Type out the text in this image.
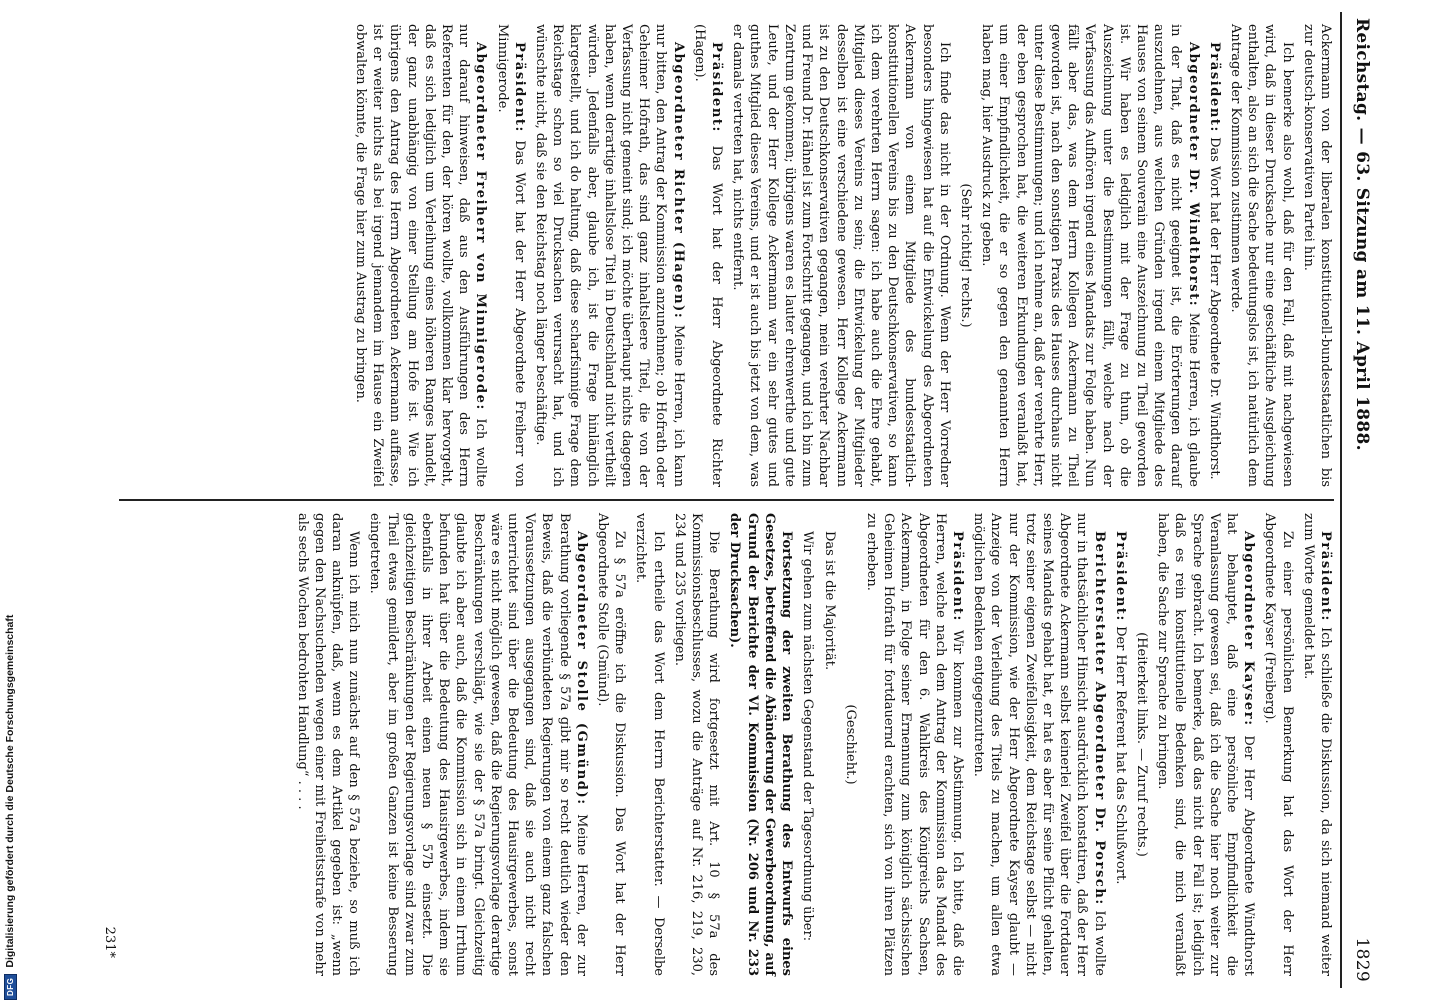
Reichstag. — 63. Sitzung am 11. April 1888.
1829

Ackermann von der liberalen konstitutionell-bundesstaatlichen bis zur deutsch-konservativen Partei hin.

Ich bemerke also wohl, daß für den Fall, daß mit nachgewiesen wird, daß in dieser Drucksache nur eine geschäftliche Ausgleichung enthalten, also an sich die Sache bedeutungslos ist, ich natürlich dem Antrage der Kommission zustimmen werde.

Präsident: Das Wort hat der Herr Abgeordnete Dr. Windthorst.

Abgeordneter Dr. Windthorst: Meine Herren, ich glaube in der That, daß es nicht geeignet ist, die Erörterungen darauf auszudehnen, aus welchen Gründen irgend einem Mitgliede des Hauses von seinem Souverain eine Auszeichnung zu Theil geworden ist. Wir haben es lediglich mit der Frage zu thun, ob die Auszeichnung unter die Bestimmungen fällt, welche nach der Verfassung das Aufhören irgend eines Mandats zur Folge haben. Nun fällt aber das, was dem Herrn Kollegen Ackermann zu Theil geworden ist, nach den sonstigen Praxis des Hauses durchaus nicht unter diese Bestimmungen; und ich nehme an, daß der verehrte Herr, der eben gesprochen hat, die weiteren Erkundungen veranlaßt hat, um einer Empfindlichkeit, die er so gegen den genannten Herrn haben mag, hier Ausdruck zu geben.

(Sehr richtig! rechts.)

Ich finde das nicht in der Ordnung. Wenn der Herr Vorredner besonders hingewiesen hat auf die Entwickelung des Abgeordneten Ackermann von einem Mitgliede des bundesstaatlich-konstitutionellen Vereins bis zu den Deutschkonservativen, so kann ich dem verehrten Herrn sagen: ich habe auch die Ehre gehabt, Mitglied dieses Vereins zu sein; die Entwickelung der Mitglieder desselben ist eine verschiedene gewesen. Herr Kollege Ackermann ist zu den Deutschkonservativen gegangen, mein verehrter Nachbar und Freund Dr. Hähnel ist zum Fortschritt gegangen, und ich bin zum Zentrum gekommen; übrigens waren es lauter ehrenwerthe und gute Leute, und der Herr Kollege Ackermann war ein sehr gutes und guthes Mitglied dieses Vereins, und er ist auch bis jetzt von dem, was er damals vertreten hat, nichts entfernt.

Präsident: Das Wort hat der Herr Abgeordnete Richter (Hagen).

Abgeordneter Richter (Hagen): Meine Herren, ich kann nur bitten, den Antrag der Kommission anzunehmen; ob Hofrath oder Geheimer Hofrath, das sind ganz inhaltsleere Titel, die von der Verfassung nicht gemeint sind; ich möchte überhaupt nichts dagegen haben, wenn derartige inhaltslose Titel in Deutschland nicht vertheilt würden. Jedenfalls aber, glaube ich, ist die Frage hinlänglich klargestellt, und ich do haltung, daß diese scharfsinnige Frage dem Reichstage schon so viel Drucksachen verursacht hat, und ich wünschte nicht, daß sie den Reichstag noch länger beschäftige.

Präsident: Das Wort hat der Herr Abgeordnete Freiherr von Minnigerode.

Abgeordneter Freiherr von Minnigerode: Ich wollte nur darauf hinweisen, daß aus den Ausführungen des Herrn Referenten für den, der hören wollte, vollkommen klar hervorgeht, daß es sich lediglich um Verleihung eines höheren Ranges handelt, der ganz unabhängig von einer Stellung am Hofe ist. Wie ich übrigens den Antrag des Herrn Abgeordneten Ackermann auffasse, ist er weiter nichts als bei irgend jemandem im Hause ein Zweifel obwalten könnte, die Frage hier zum Austrag zu bringen.

Präsident: Ich schließe die Diskussion, da sich niemand weiter zum Worte gemeldet hat.

Zu einer persönlichen Bemerkung hat das Wort der Herr Abgeordnete Kayser (Freiberg).

Abgeordneter Kayser: Der Herr Abgeordnete Windthorst hat behauptet, daß eine persönliche Empfindlichkeit die Veranlassung gewesen sei, daß ich die Sache hier noch weiter zur Sprache gebracht. Ich bemerke, daß das nicht der Fall ist; lediglich daß es rein konstitutionelle Bedenken sind, die mich veranlaßt haben, die Sache zur Sprache zu bringen.

(Heiterkeit links. — Zuruf rechts.)

Präsident: Der Herr Referent hat das Schlußwort.

Berichterstatter Abgeordneter Dr. Porsch: Ich wollte nur in thatsächlicher Hinsicht ausdrücklich konstatiren, daß der Herr Abgeordnete Ackermann selbst keinerlei Zweifel über die Fortdauer seines Mandats gehabt hat, er hat es aber für seine Pflicht gehalten, trotz seiner eigenen Zweifellosigkeit, dem Reichstage selbst — nicht nur der Kommission, wie der Herr Abgeordnete Kayser glaubt — Anzeige von der Verleihung des Titels zu machen, um allen etwa möglichen Bedenken entgegenzutreten.

Präsident: Wir kommen zur Abstimmung. Ich bitte, daß die Herren, welche nach dem Antrag der Kommission das Mandat des Abgeordneten für den 6. Wahlkreis des Königreichs Sachsen, Ackermann, in Folge seiner Ernennung zum königlich sächsischen Geheimen Hofrath für fortdauernd erachten, sich von ihren Plätzen zu erheben.

(Geschieht.)

Das ist die Majorität.

Wir gehen zum nächsten Gegenstand der Tagesordnung über:

Fortsetzung der zweiten Berathung des Entwurfs eines Gesetzes, betreffend die Abänderung der Gewerbeordnung, auf Grund der Berichte der VI. Kommission (Nr. 206 und Nr. 233 der Drucksachen).

Die Berathung wird fortgesetzt mit Art. 10 § 57a des Kommissionsbeschlusses, wozu die Anträge auf Nr. 216, 219, 230, 234 und 235 vorliegen.

Ich ertheile das Wort dem Herrn Berichterstatter. — Derselbe verzichtet.

Zu § 57a eröffne ich die Diskussion. Das Wort hat der Herr Abgeordnete Stolle (Gmünd).

Abgeordneter Stolle (Gmünd): Meine Herren, der zur Berathung vorliegende § 57a gibt mir so recht deutlich wieder den Beweis, daß die verbündeten Regierungen von einem ganz falschen Voraussetzungen ausgegangen sind, daß sie auch nicht recht unterrichtet sind über die Bedeutung des Hausirgewerbes, sonst wäre es nicht möglich gewesen, daß die Regierungsvorlage derartige Beschränkungen verschlägt, wie sie der § 57a bringt. Gleichzeitig glaubte ich aber auch, daß die Kommission sich in einem Irrthum befunden hat über die Bedeutung des Hausirgewerbes, indem sie ebenfalls in ihrer Arbeit einen neuen § 57b einsetzt. Die gleichzeitigen Beschränkungen der Regierungsvorlage sind zwar zum Theil etwas gemildert, aber im großen Ganzen ist keine Besserung eingetreten.

Wenn ich mich nun zunächst auf den § 57a beziehe, so muß ich daran anknüpfen, daß, wenn es dem Artikel gegeben ist: „wenn gegen den Nachsuchenden wegen einer mit Freiheitsstrafe von mehr als sechs Wochen bedrohten Handlung“ . . . .

231*
DFG
Digitalisierung gefördert durch die Deutsche Forschungsgemeinschaft
